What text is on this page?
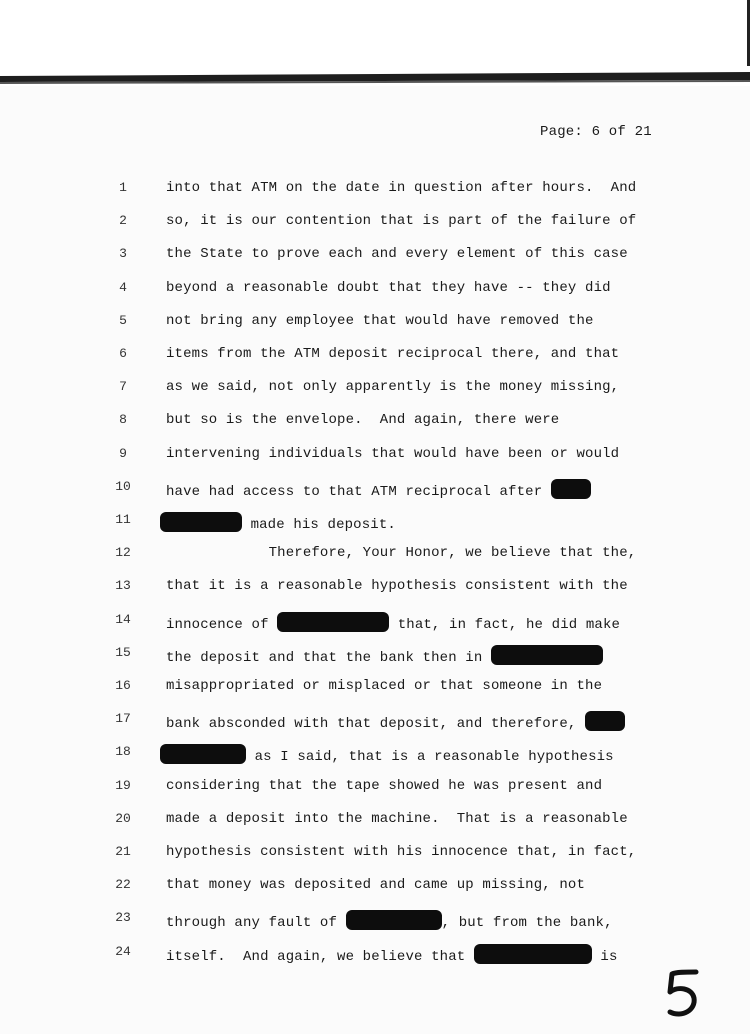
Page: 6 of 21
1	into that ATM on the date in question after hours.  And
2	so, it is our contention that is part of the failure of
3	the State to prove each and every element of this case
4	beyond a reasonable doubt that they have -- they did
5	not bring any employee that would have removed the
6	items from the ATM deposit reciprocal there, and that
7	as we said, not only apparently is the money missing,
8	but so is the envelope.  And again, there were
9	intervening individuals that would have been or would
10	have had access to that ATM reciprocal after
11	made his deposit.
12	Therefore, Your Honor, we believe that the,
13	that it is a reasonable hypothesis consistent with the
14	innocence of	that, in fact, he did make
15	the deposit and that the bank then in
16	misappropriated or misplaced or that someone in the
17	bank absconded with that deposit, and therefore,
18	as I said, that is a reasonable hypothesis
19	considering that the tape showed he was present and
20	made a deposit into the machine.  That is a reasonable
21	hypothesis consistent with his innocence that, in fact,
22	that money was deposited and came up missing, not
23	through any fault of	, but from the bank,
24	itself.  And again, we believe that	is
